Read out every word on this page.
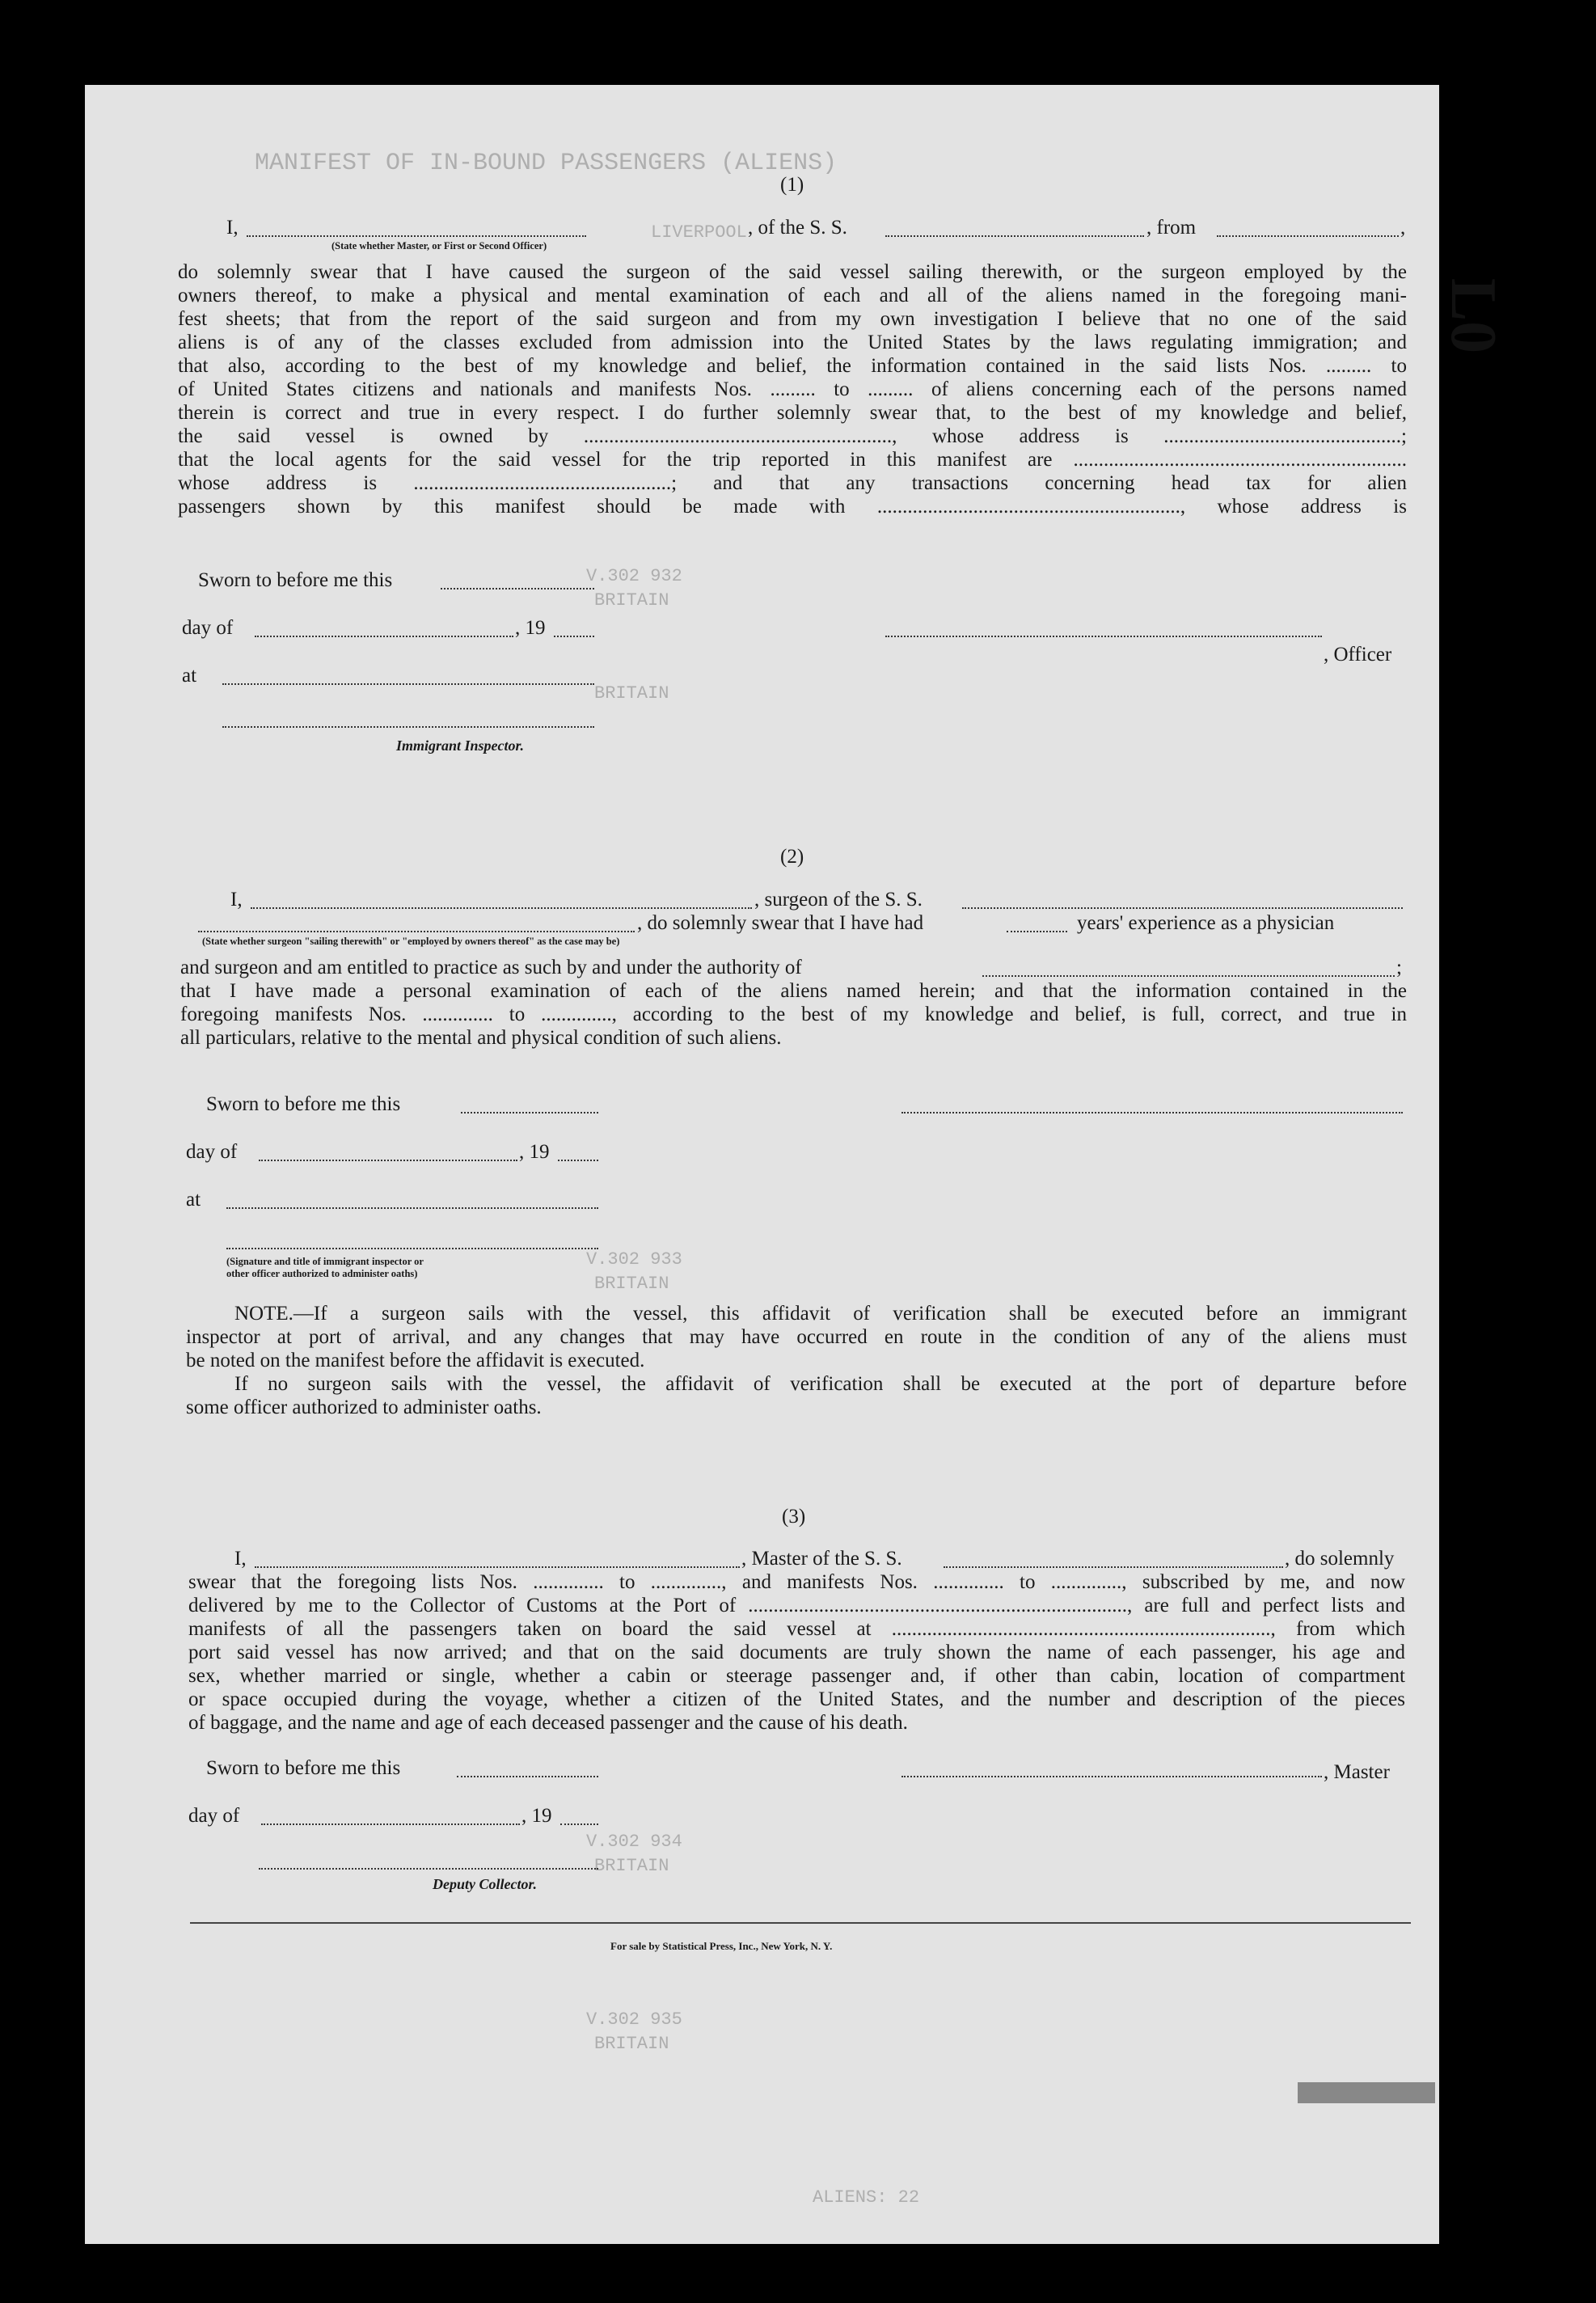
MANIFEST OF IN-BOUND PASSENGERS (ALIENS)
LIVERPOOL
V.302 932
BRITAIN
BRITAIN
V.302 933
BRITAIN
V.302 934
BRITAIN
V.302 935
BRITAIN
ALIENS: 22
(1)
I,	, of the S. S.	, from	,
(State whether Master, or First or Second Officer)
do solemnly swear that I have caused the surgeon of the said vessel sailing therewith, or the surgeon employed by the
owners thereof, to make a physical and mental examination of each and all of the aliens named in the foregoing mani-
fest sheets; that from the report of the said surgeon and from my own investigation I believe that no one of the said
aliens is of any of the classes excluded from admission into the United States by the laws regulating immigration; and
that also, according to the best of my knowledge and belief, the information contained in the said lists Nos. ......... to
of United States citizens and nationals and manifests Nos. ......... to ......... of aliens concerning each of the persons named
therein is correct and true in every respect. I do further solemnly swear that, to the best of my knowledge and belief,
the said vessel is owned by ............................................................., whose address is ...............................................;
that the local agents for the said vessel for the trip reported in this manifest are ..................................................................
whose address is ...................................................; and that any transactions concerning head tax for alien
passengers shown by this manifest should be made with ............................................................, whose address is
Sworn to before me this
day of	, 19
at
, Officer
Immigrant Inspector.
(2)
I,	, surgeon of the S. S.
, do solemnly swear that I have had	years' experience as a physician
(State whether surgeon "sailing therewith" or "employed by owners thereof" as the case may be)
and surgeon and am entitled to practice as such by and under the authority of	;
that I have made a personal examination of each of the aliens named herein; and that the information contained in the
foregoing manifests Nos. .............. to .............., according to the best of my knowledge and belief, is full, correct, and true in
all particulars, relative to the mental and physical condition of such aliens.
Sworn to before me this
day of	, 19
at
(Signature and title of immigrant inspector or
other officer authorized to administer oaths)
NOTE.—If a surgeon sails with the vessel, this affidavit of verification shall be executed before an immigrant
inspector at port of arrival, and any changes that may have occurred en route in the condition of any of the aliens must
be noted on the manifest before the affidavit is executed.
If no surgeon sails with the vessel, the affidavit of verification shall be executed at the port of departure before
some officer authorized to administer oaths.
(3)
I,	, Master of the S. S.	, do solemnly
swear that the foregoing lists Nos. .............. to .............., and manifests Nos. .............. to .............., subscribed by me, and now
delivered by me to the Collector of Customs at the Port of ..........................................................................., are full and perfect lists and
manifests of all the passengers taken on board the said vessel at ..........................................................................., from which
port said vessel has now arrived; and that on the said documents are truly shown the name of each passenger, his age and
sex, whether married or single, whether a cabin or steerage passenger and, if other than cabin, location of compartment
or space occupied during the voyage, whether a citizen of the United States, and the number and description of the pieces
of baggage, and the name and age of each deceased passenger and the cause of his death.
Sworn to before me this	, Master
day of	, 19
Deputy Collector.
For sale by Statistical Press, Inc., New York, N. Y.
L0
